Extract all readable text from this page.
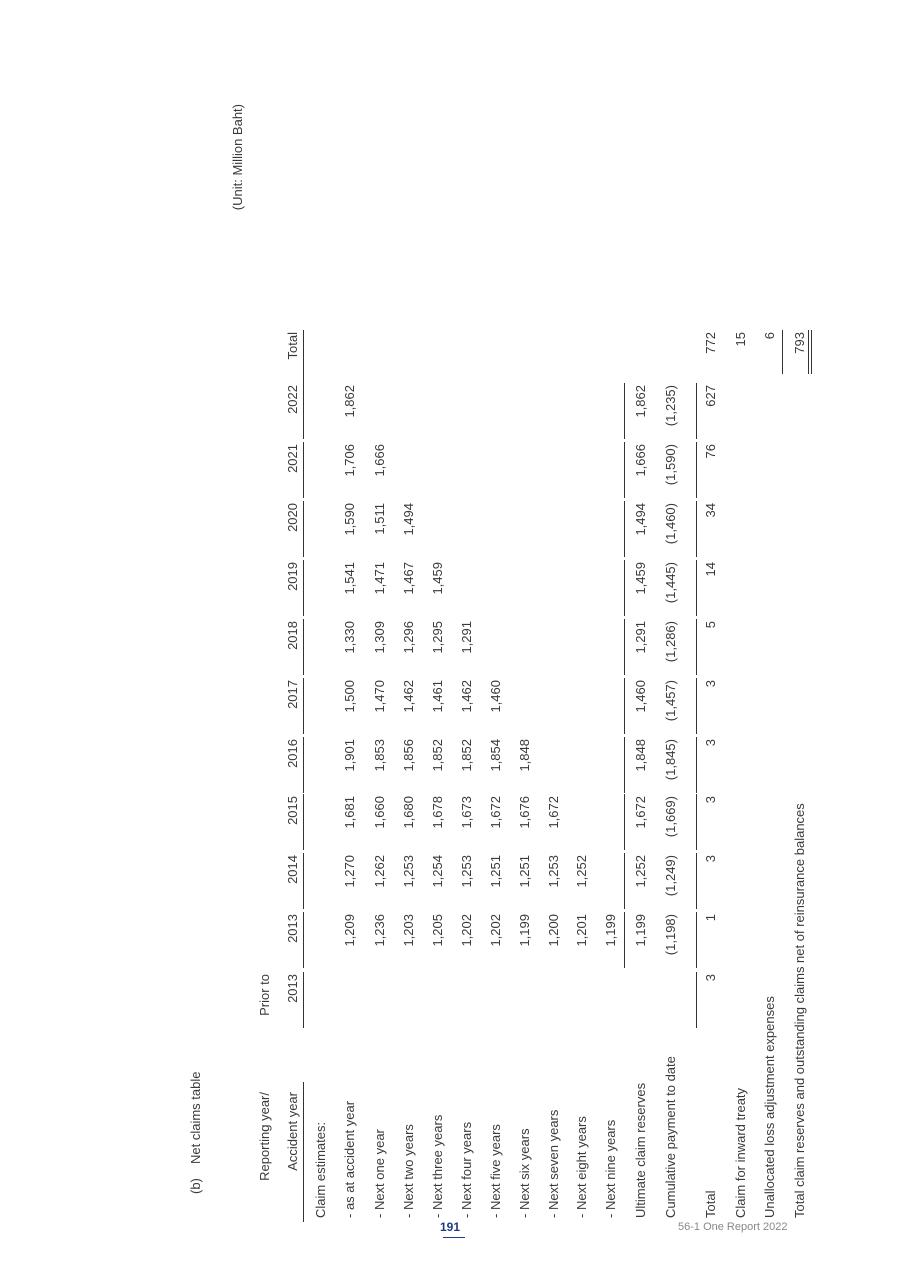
(b)
Net claims table
(Unit: Million Baht)
Reporting year/ Accident year
Prior to 2013
2013
2014
2015
2016
2017
2018
2019
2020
2021
2022
Total
Claim estimates: - as at accident year
1,209
1,270
1,681
1,901
1,500
1,330
1,541
1,590
1,706
1,862
- Next one year
1,236
1,262
1,660
1,853
1,470
1,309
1,471
1,511
1,666
- Next two years
1,203
1,253
1,680
1,856
1,462
1,296
1,467
1,494
- Next three years
1,205
1,254
1,678
1,852
1,461
1,295
1,459
- Next four years
1,202
1,253
1,673
1,852
1,462
1,291
- Next five years
1,202
1,251
1,672
1,854
1,460
- Next six years
1,199
1,251
1,676
1,848
- Next seven years
1,200
1,253
1,672
- Next eight years
1,201
1,252
- Next nine years
1,199
Ultimate claim reserves
1,199
1,252
1,672
1,848
1,460
1,291
1,459
1,494
1,666
1,862
Cumulative payment to date
(1,198)
(1,249)
(1,669)
(1,845)
(1,457)
(1,286)
(1,445)
(1,460)
(1,590)
(1,235)
Total
3
1
3
3
3
3
5
14
34
76
627
772
Claim for inward treaty
15
Unallocated loss adjustment expenses
6
Total claim reserves and outstanding claims net of reinsurance balances
793
191	56-1 One Report 2022
